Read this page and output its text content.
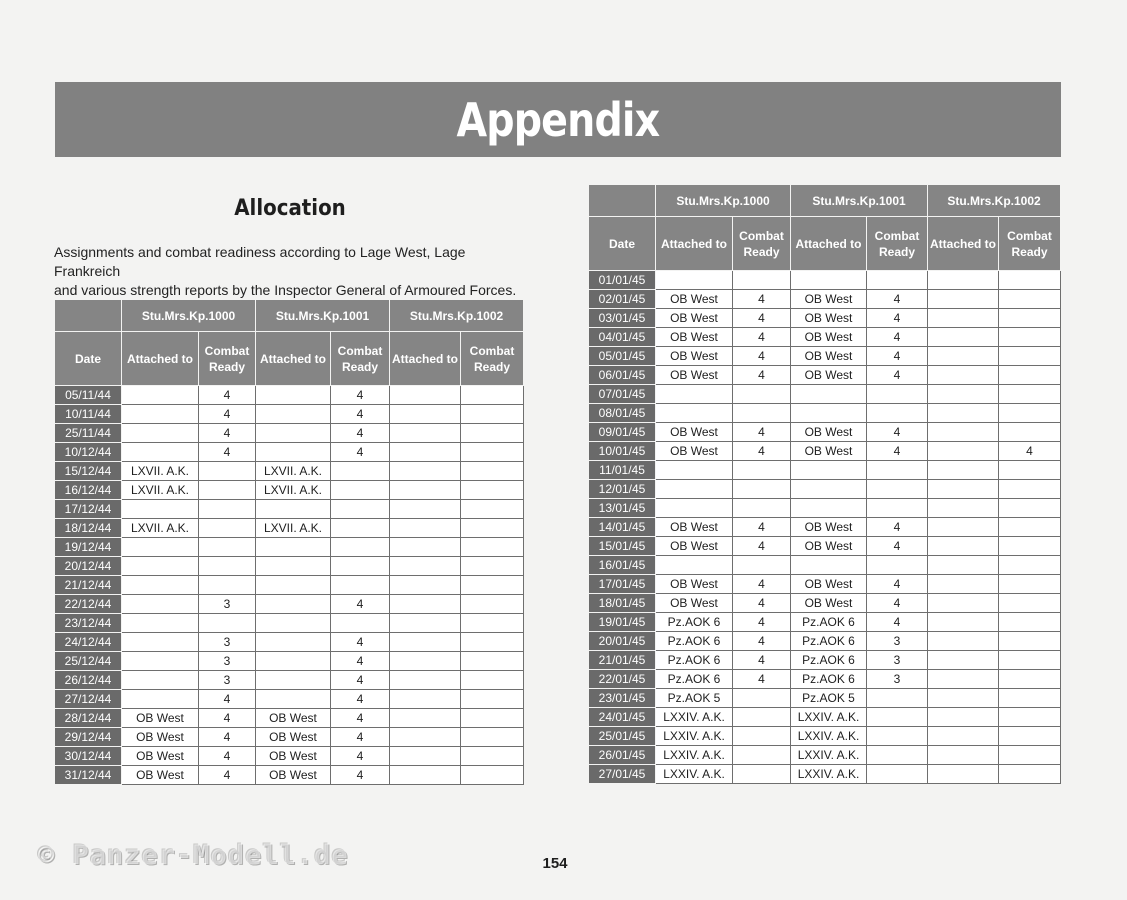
Appendix
Allocation
Assignments and combat readiness according to Lage West, Lage Frankreich
and various strength reports by the Inspector General of Armoured Forces.
	Stu.Mrs.Kp.1000		Stu.Mrs.Kp.1001		Stu.Mrs.Kp.1002	
Date	Attached to	Combat Ready	Attached to	Combat Ready	Attached to	Combat Ready
05/11/44		4		4		
10/11/44		4		4		
25/11/44		4		4		
10/12/44		4		4		
15/12/44	LXVII. A.K.		LXVII. A.K.			
16/12/44	LXVII. A.K.		LXVII. A.K.			
17/12/44						
18/12/44	LXVII. A.K.		LXVII. A.K.			
19/12/44						
20/12/44						
21/12/44						
22/12/44		3		4		
23/12/44						
24/12/44		3		4		
25/12/44		3		4		
26/12/44		3		4		
27/12/44		4		4		
28/12/44	OB West	4	OB West	4		
29/12/44	OB West	4	OB West	4		
30/12/44	OB West	4	OB West	4		
31/12/44	OB West	4	OB West	4		
	Stu.Mrs.Kp.1000		Stu.Mrs.Kp.1001		Stu.Mrs.Kp.1002	
Date	Attached to	Combat Ready	Attached to	Combat Ready	Attached to	Combat Ready
01/01/45						
02/01/45	OB West	4	OB West	4		
03/01/45	OB West	4	OB West	4		
04/01/45	OB West	4	OB West	4		
05/01/45	OB West	4	OB West	4		
06/01/45	OB West	4	OB West	4		
07/01/45						
08/01/45						
09/01/45	OB West	4	OB West	4		
10/01/45	OB West	4	OB West	4		4
11/01/45						
12/01/45						
13/01/45						
14/01/45	OB West	4	OB West	4		
15/01/45	OB West	4	OB West	4		
16/01/45						
17/01/45	OB West	4	OB West	4		
18/01/45	OB West	4	OB West	4		
19/01/45	Pz.AOK 6	4	Pz.AOK 6	4		
20/01/45	Pz.AOK 6	4	Pz.AOK 6	3		
21/01/45	Pz.AOK 6	4	Pz.AOK 6	3		
22/01/45	Pz.AOK 6	4	Pz.AOK 6	3		
23/01/45	Pz.AOK 5		Pz.AOK 5			
24/01/45	LXXIV. A.K.		LXXIV. A.K.			
25/01/45	LXXIV. A.K.		LXXIV. A.K.			
26/01/45	LXXIV. A.K.		LXXIV. A.K.			
27/01/45	LXXIV. A.K.		LXXIV. A.K.			
154
© Panzer-Modell.de
